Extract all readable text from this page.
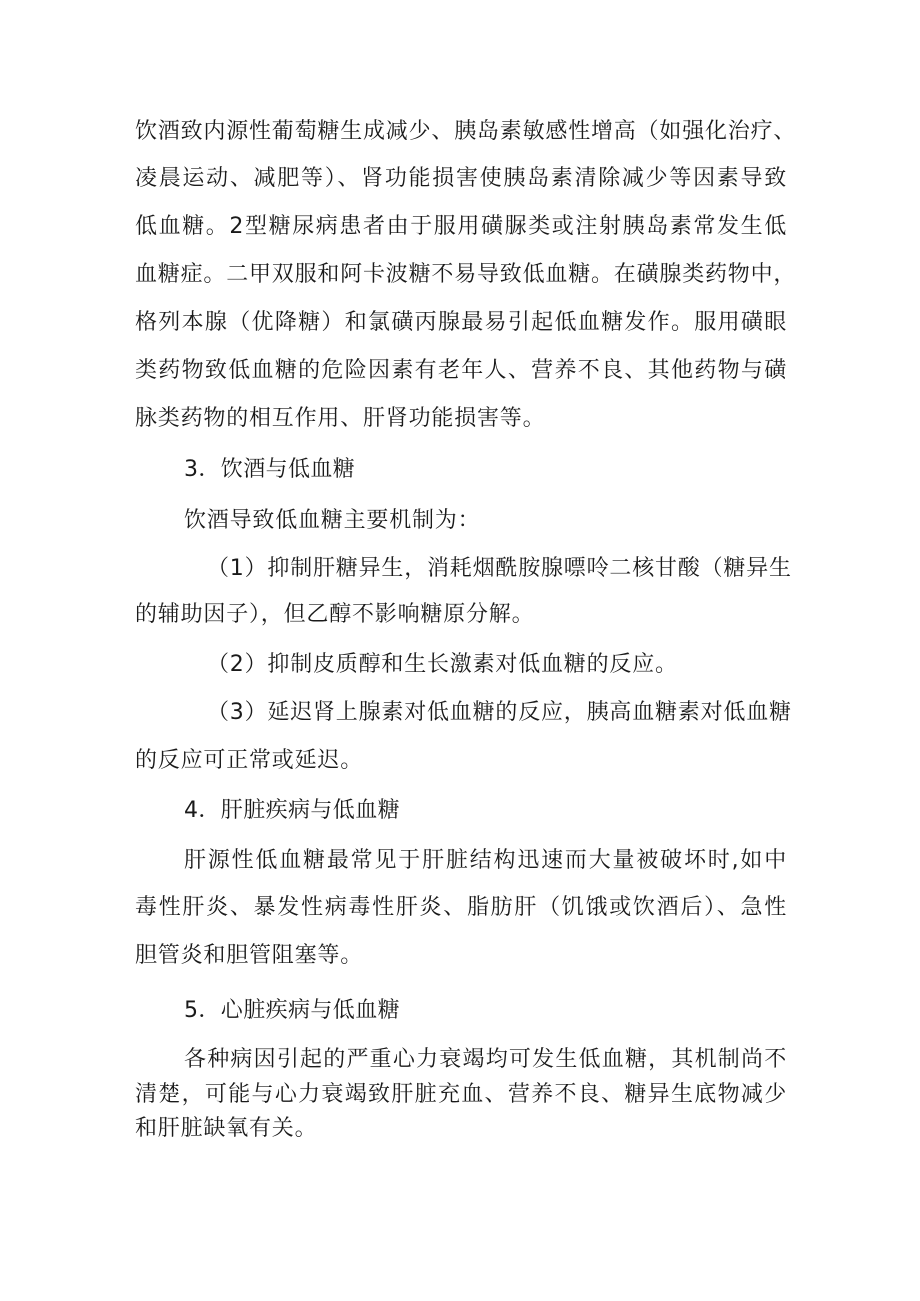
饮酒致内源性葡萄糖生成减少、胰岛素敏感性增高（如强化治疗、

凌晨运动、减肥等）、肾功能损害使胰岛素清除减少等因素导致

低血糖。2型糖尿病患者由于服用磺脲类或注射胰岛素常发生低

血糖症。二甲双服和阿卡波糖不易导致低血糖。在磺腺类药物中，

格列本腺（优降糖）和氯磺丙腺最易引起低血糖发作。服用磺眼

类药物致低血糖的危险因素有老年人、营养不良、其他药物与磺

脉类药物的相互作用、肝肾功能损害等。

3．饮酒与低血糖

饮酒导致低血糖主要机制为：

（1）抑制肝糖异生，消耗烟酰胺腺嘌呤二核甘酸（糖异生

的辅助因子），但乙醇不影响糖原分解。

（2）抑制皮质醇和生长激素对低血糖的反应。

（3）延迟肾上腺素对低血糖的反应，胰高血糖素对低血糖

的反应可正常或延迟。

4．肝脏疾病与低血糖

肝源性低血糖最常见于肝脏结构迅速而大量被破坏时,如中

毒性肝炎、暴发性病毒性肝炎、脂肪肝（饥饿或饮酒后）、急性

胆管炎和胆管阻塞等。

5．心脏疾病与低血糖

各种病因引起的严重心力衰竭均可发生低血糖，其机制尚不

清楚，可能与心力衰竭致肝脏充血、营养不良、糖异生底物减少

和肝脏缺氧有关。
